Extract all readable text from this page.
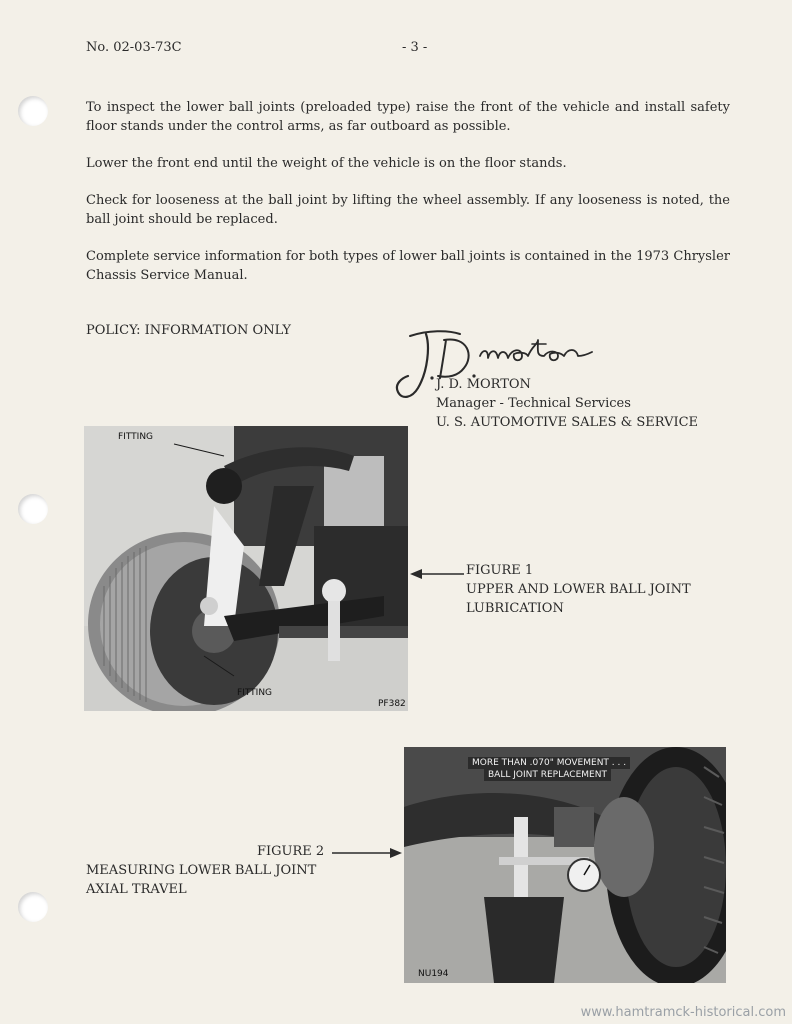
No. 02-03-73C	- 3 -

To inspect the lower ball joints (preloaded type) raise the front of the vehicle and install safety floor stands under the control arms, as far outboard as possible.

Lower the front end until the weight of the vehicle is on the floor stands.

Check for looseness at the ball joint by lifting the wheel assembly. If any looseness is noted, the ball joint should be replaced.

Complete service information for both types of lower ball joints is contained in the 1973 Chrysler Chassis Service Manual.

POLICY: INFORMATION ONLY
J. D. MORTON
Manager - Technical Services
U. S. AUTOMOTIVE SALES & SERVICE
FITTING
FITTING
PF382
FIGURE 1
UPPER AND LOWER BALL JOINT
LUBRICATION
FIGURE 2
MEASURING LOWER BALL JOINT
AXIAL TRAVEL
MORE THAN .070" MOVEMENT . . .
BALL JOINT REPLACEMENT
NU194
www.hamtramck-historical.com
